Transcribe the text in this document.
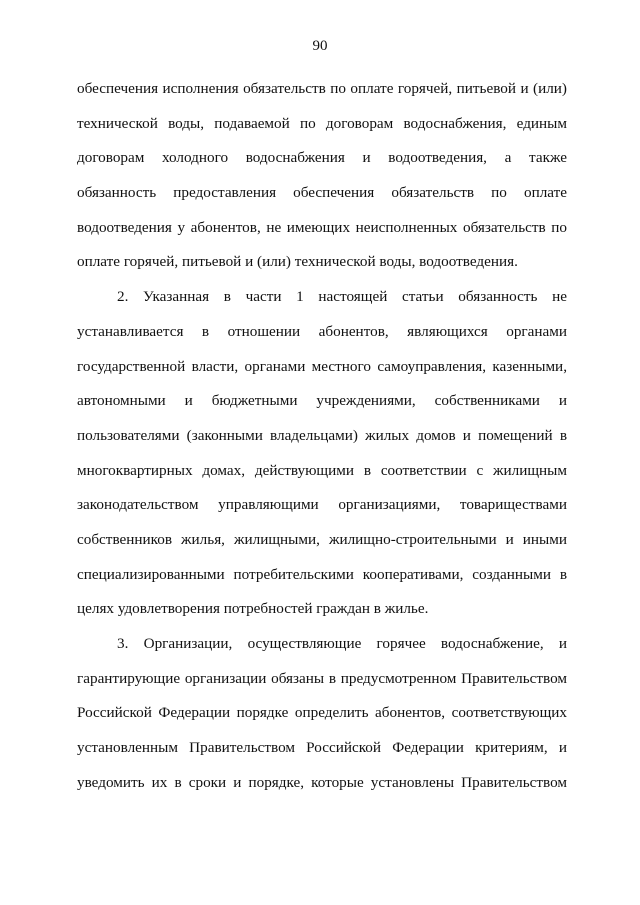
90
обеспечения исполнения обязательств по оплате горячей, питьевой и (или)
технической воды, подаваемой по договорам водоснабжения, единым
договорам холодного водоснабжения и водоотведения, а также
обязанность предоставления обеспечения обязательств по оплате
водоотведения у абонентов, не имеющих неисполненных обязательств по
оплате горячей, питьевой и (или) технической воды, водоотведения.
2. Указанная в части 1 настоящей статьи обязанность не
устанавливается в отношении абонентов, являющихся органами
государственной власти, органами местного самоуправления, казенными,
автономными и бюджетными учреждениями, собственниками и
пользователями (законными владельцами) жилых домов и помещений в
многоквартирных домах, действующими в соответствии с жилищным
законодательством управляющими организациями, товариществами
собственников жилья, жилищными, жилищно-строительными и иными
специализированными потребительскими кооперативами, созданными в
целях удовлетворения потребностей граждан в жилье.
3. Организации, осуществляющие горячее водоснабжение, и
гарантирующие организации обязаны в предусмотренном Правительством
Российской Федерации порядке определить абонентов, соответствующих
установленным Правительством Российской Федерации критериям, и
уведомить их в сроки и порядке, которые установлены Правительством
